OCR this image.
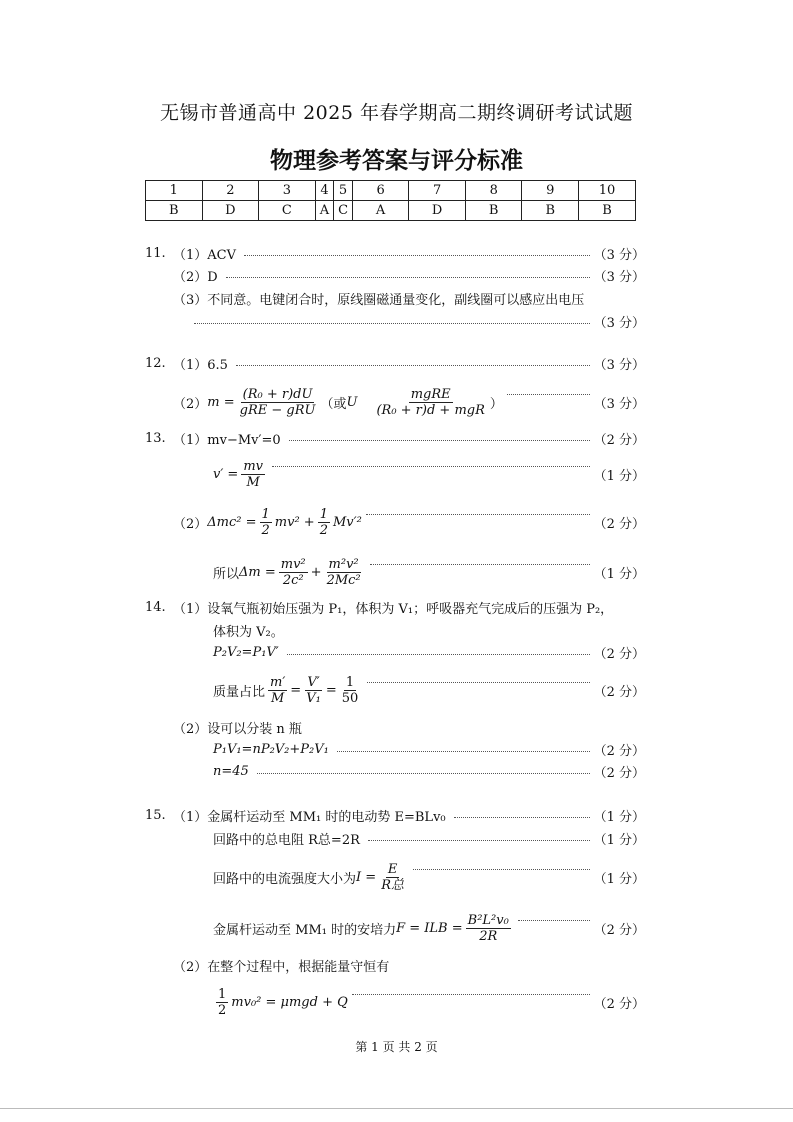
无锡市普通高中 2025 年春学期高二期终调研考试试题
物理参考答案与评分标准
1	2	3	4	5	6	7	8	9	10
B	D	C	A	C	A	D	B	B	B
11. （1）ACV	（3 分）
（2）D	（3 分）
（3）不同意。电键闭合时，原线圈磁通量变化，副线圈可以感应出电压
（3 分）
12. （1）6.5	（3 分）
（2） $m = \frac{\text{(R₀ + r)dU}}{\text{gRE − gRU}}$ （或 U $\frac{\text{mgRE}}{\text{(R₀ + r)d + mgR}}$ ）	（3 分）
13. （1）mv−Mv′=0	（2 分）
$v' = \frac{mv}{M}$	（1 分）
（2） $\Delta mc^2 = \frac{1}{2} mv^2 + \frac{1}{2} Mv'^2$	（2 分）
所以 $\Delta m = \frac{\text{mv²}}{\text{2c²}} + \frac{\text{m²v²}}{\text{2Mc²}}$	（1 分）
14. （1）设氧气瓶初始压强为 P₁，体积为 V₁；呼吸器充气完成后的压强为 P₂，
体积为 V₂。
P₂V₂=P₁V′	（2 分）
质量占比 $\frac{m'}{M} = \frac{V'}{\text{V₁}} = \frac{1}{50}$	（2 分）
（2）设可以分装 n 瓶
P₁V₁=nP₂V₂+P₂V₁	（2 分）
n=45	（2 分）
15. （1）金属杆运动至 MM₁ 时的电动势 E=BLv₀	（1 分）
回路中的总电阻 R总=2R	（1 分）
回路中的电流强度大小为 $I = \frac{E}{\text{R总}}$	（1 分）
金属杆运动至 MM₁ 时的安培力 F = ILB = $\frac{\text{B²L²v₀}}{2R}$	（2 分）
（2）在整个过程中，根据能量守恒有
$\frac{1}{2} mv_0^2 = \mu mgd + Q$	（2 分）
第 1 页 共 2 页
